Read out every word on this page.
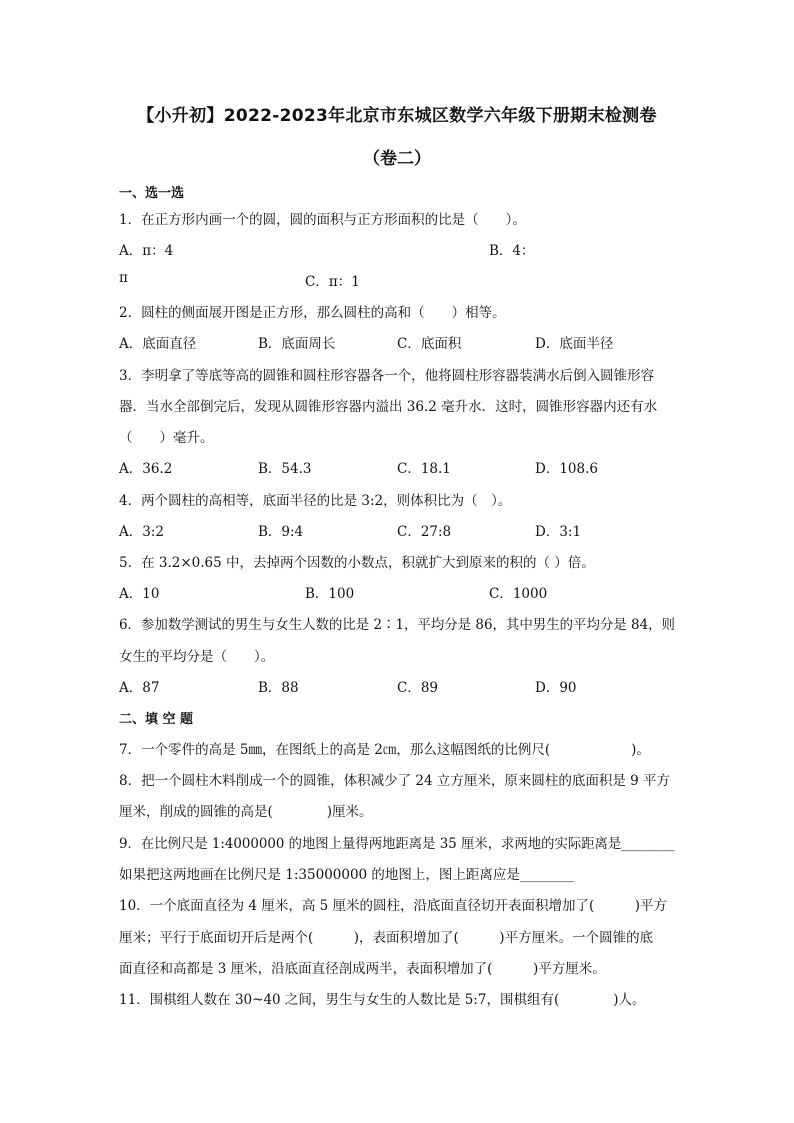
【小升初】2022-2023年北京市东城区数学六年级下册期末检测卷
（卷二）
一、选一选
1．在正方形内画一个的圆，圆的面积与正方形面积的比是（　　）。
A．π：4	B．4：
π	C．π：1
2．圆柱的侧面展开图是正方形，那么圆柱的高和（　　）相等。
A．底面直径	B．底面周长	C．底面积	D．底面半径
3．李明拿了等底等高的圆锥和圆柱形容器各一个，他将圆柱形容器装满水后倒入圆锥形容
器．当水全部倒完后，发现从圆锥形容器内溢出 36.2 毫升水．这时，圆锥形容器内还有水
（　　）毫升。
A．36.2	B．54.3	C．18.1	D．108.6
4．两个圆柱的高相等，底面半径的比是 3:2，则体积比为（　）。
A．3:2	B．9:4	C．27:8	D．3:1
5．在 3.2×0.65 中，去掉两个因数的小数点，积就扩大到原来的积的（ ）倍。
A．10	B．100	C．1000
6．参加数学测试的男生与女生人数的比是 2∶1，平均分是 86，其中男生的平均分是 84，则
女生的平均分是（　　）。
A．87	B．88	C．89	D．90
二、填 空 题
7．一个零件的高是 5㎜，在图纸上的高是 2㎝，那么这幅图纸的比例尺(　　　　　　)。
8．把一个圆柱木料削成一个的圆锥，体积减少了 24 立方厘米，原来圆柱的底面积是 9 平方
厘米，削成的圆锥的高是(　　　　)厘米。
9．在比例尺是 1:4000000 的地图上量得两地距离是 35 厘米，求两地的实际距离是________
如果把这两地画在比例尺是 1:35000000 的地图上，图上距离应是________
10．一个底面直径为 4 厘米，高 5 厘米的圆柱，沿底面直径切开表面积增加了(　　　)平方
厘米；平行于底面切开后是两个(　　　)，表面积增加了(　　　)平方厘米。一个圆锥的底
面直径和高都是 3 厘米，沿底面直径剖成两半，表面积增加了(　　　)平方厘米。
11．围棋组人数在 30~40 之间，男生与女生的人数比是 5:7，围棋组有(　　　　)人。
